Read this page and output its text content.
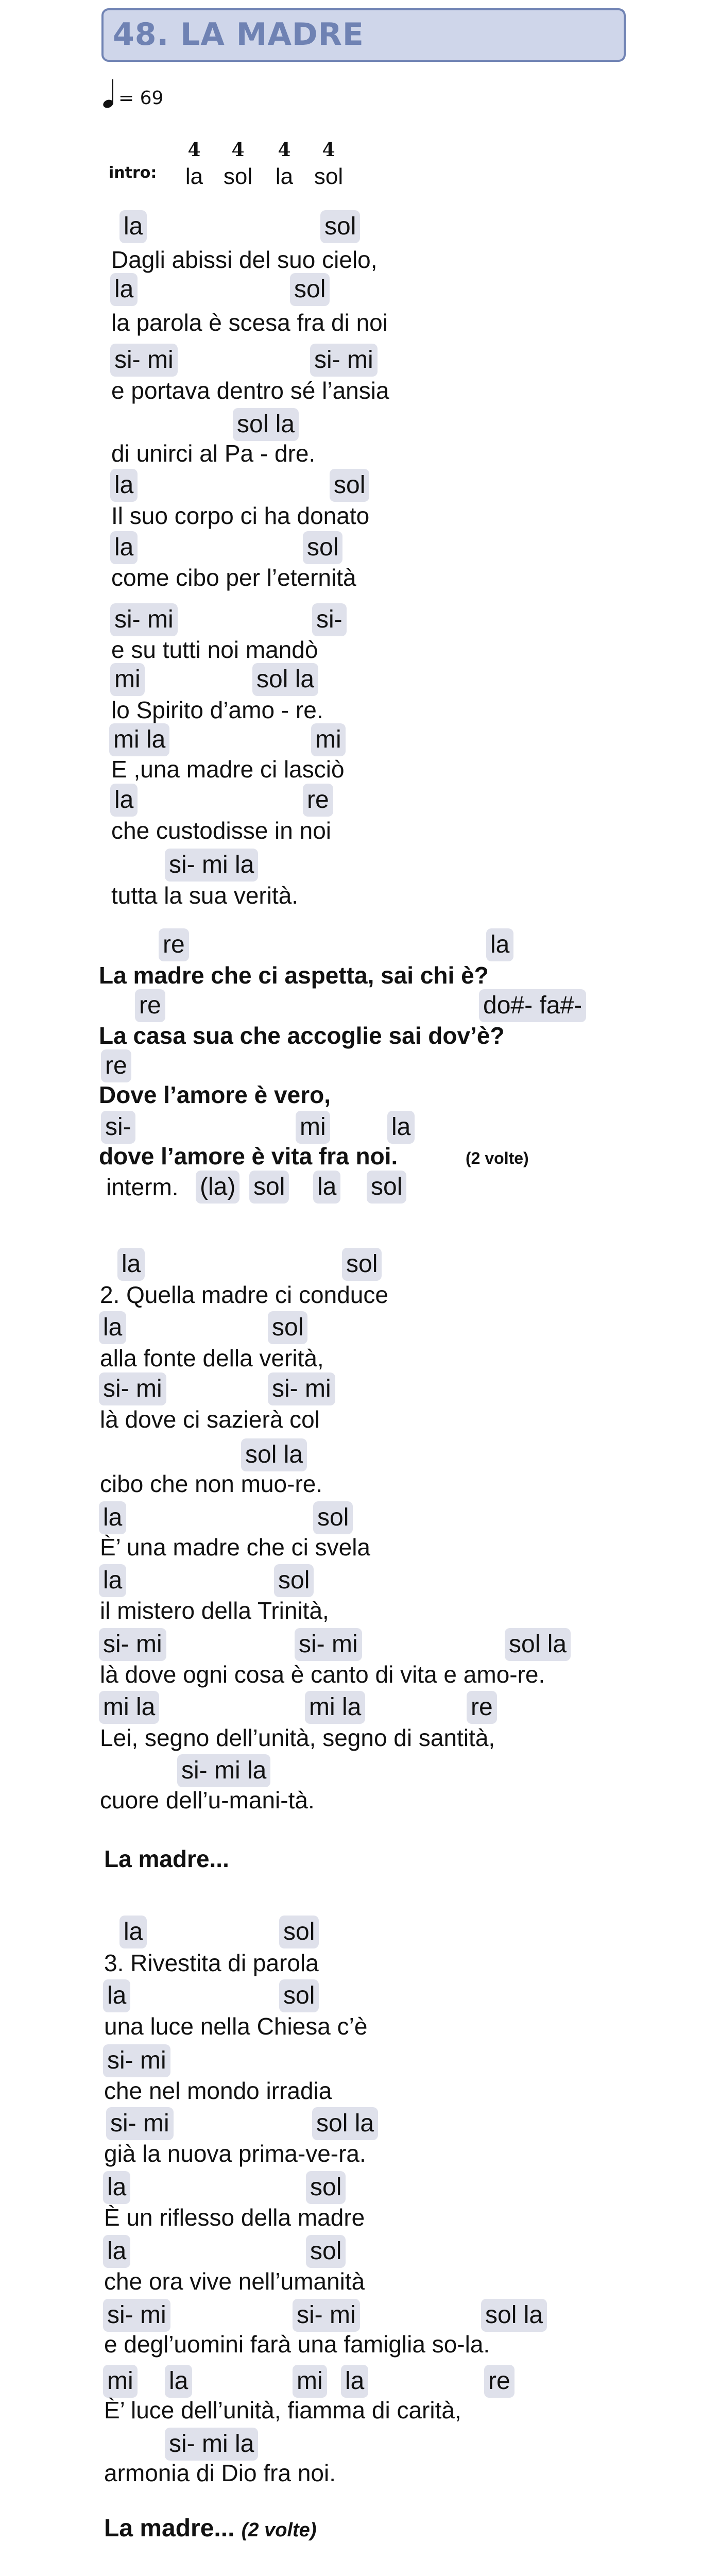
48. LA MADRE
= 69
intro:
4
la
4
sol
4
la
4
sol
la	sol
Dagli abissi del suo cielo,
la	sol
la parola è scesa fra di noi
si- mi	si- mi
e portava dentro sé l’ansia
sol la
di unirci al Pa - dre.
la	sol
Il suo corpo ci ha donato
la	sol
come cibo per l’eternità
si- mi	si-
e su tutti noi mandò
mi	sol la
lo Spirito d’amo - re.
mi la	mi
E ,una madre ci lasciò
la	re
che custodisse in noi
si- mi la
tutta la sua verità.
re	la
La madre che ci aspetta, sai chi è?
re	do#- fa#-
La casa sua che accoglie sai dov’è?
re
Dove l’amore è vero,
si-	mi	la
dove l’amore è vita fra noi.	(2 volte)
interm. (la) sol la sol
la	sol
2. Quella madre ci conduce
la	sol
alla fonte della verità,
si- mi	si- mi
là dove ci sazierà col
sol la
cibo che non muo-re.
la	sol
È’ una madre che ci svela
la	sol
il mistero della Trinità,
si- mi	si- mi	sol la
là dove ogni cosa è canto di vita e amo-re.
mi la	mi la	re
Lei, segno dell’unità, segno di santità,
si- mi la
cuore dell’u-mani-tà.
La madre...
la	sol
3. Rivestita di parola
la	sol
una luce nella Chiesa c’è
si- mi
che nel mondo irradia
si- mi	sol la
già la nuova prima-ve-ra.
la	sol
È un riflesso della madre
la	sol
che ora vive nell’umanità
si- mi	si- mi	sol la
e degl’uomini farà una famiglia so-la.
mi la	mi la	re
È’ luce dell’unità, fiamma di carità,
si- mi la
armonia di Dio fra noi.
La madre... (2 volte)
